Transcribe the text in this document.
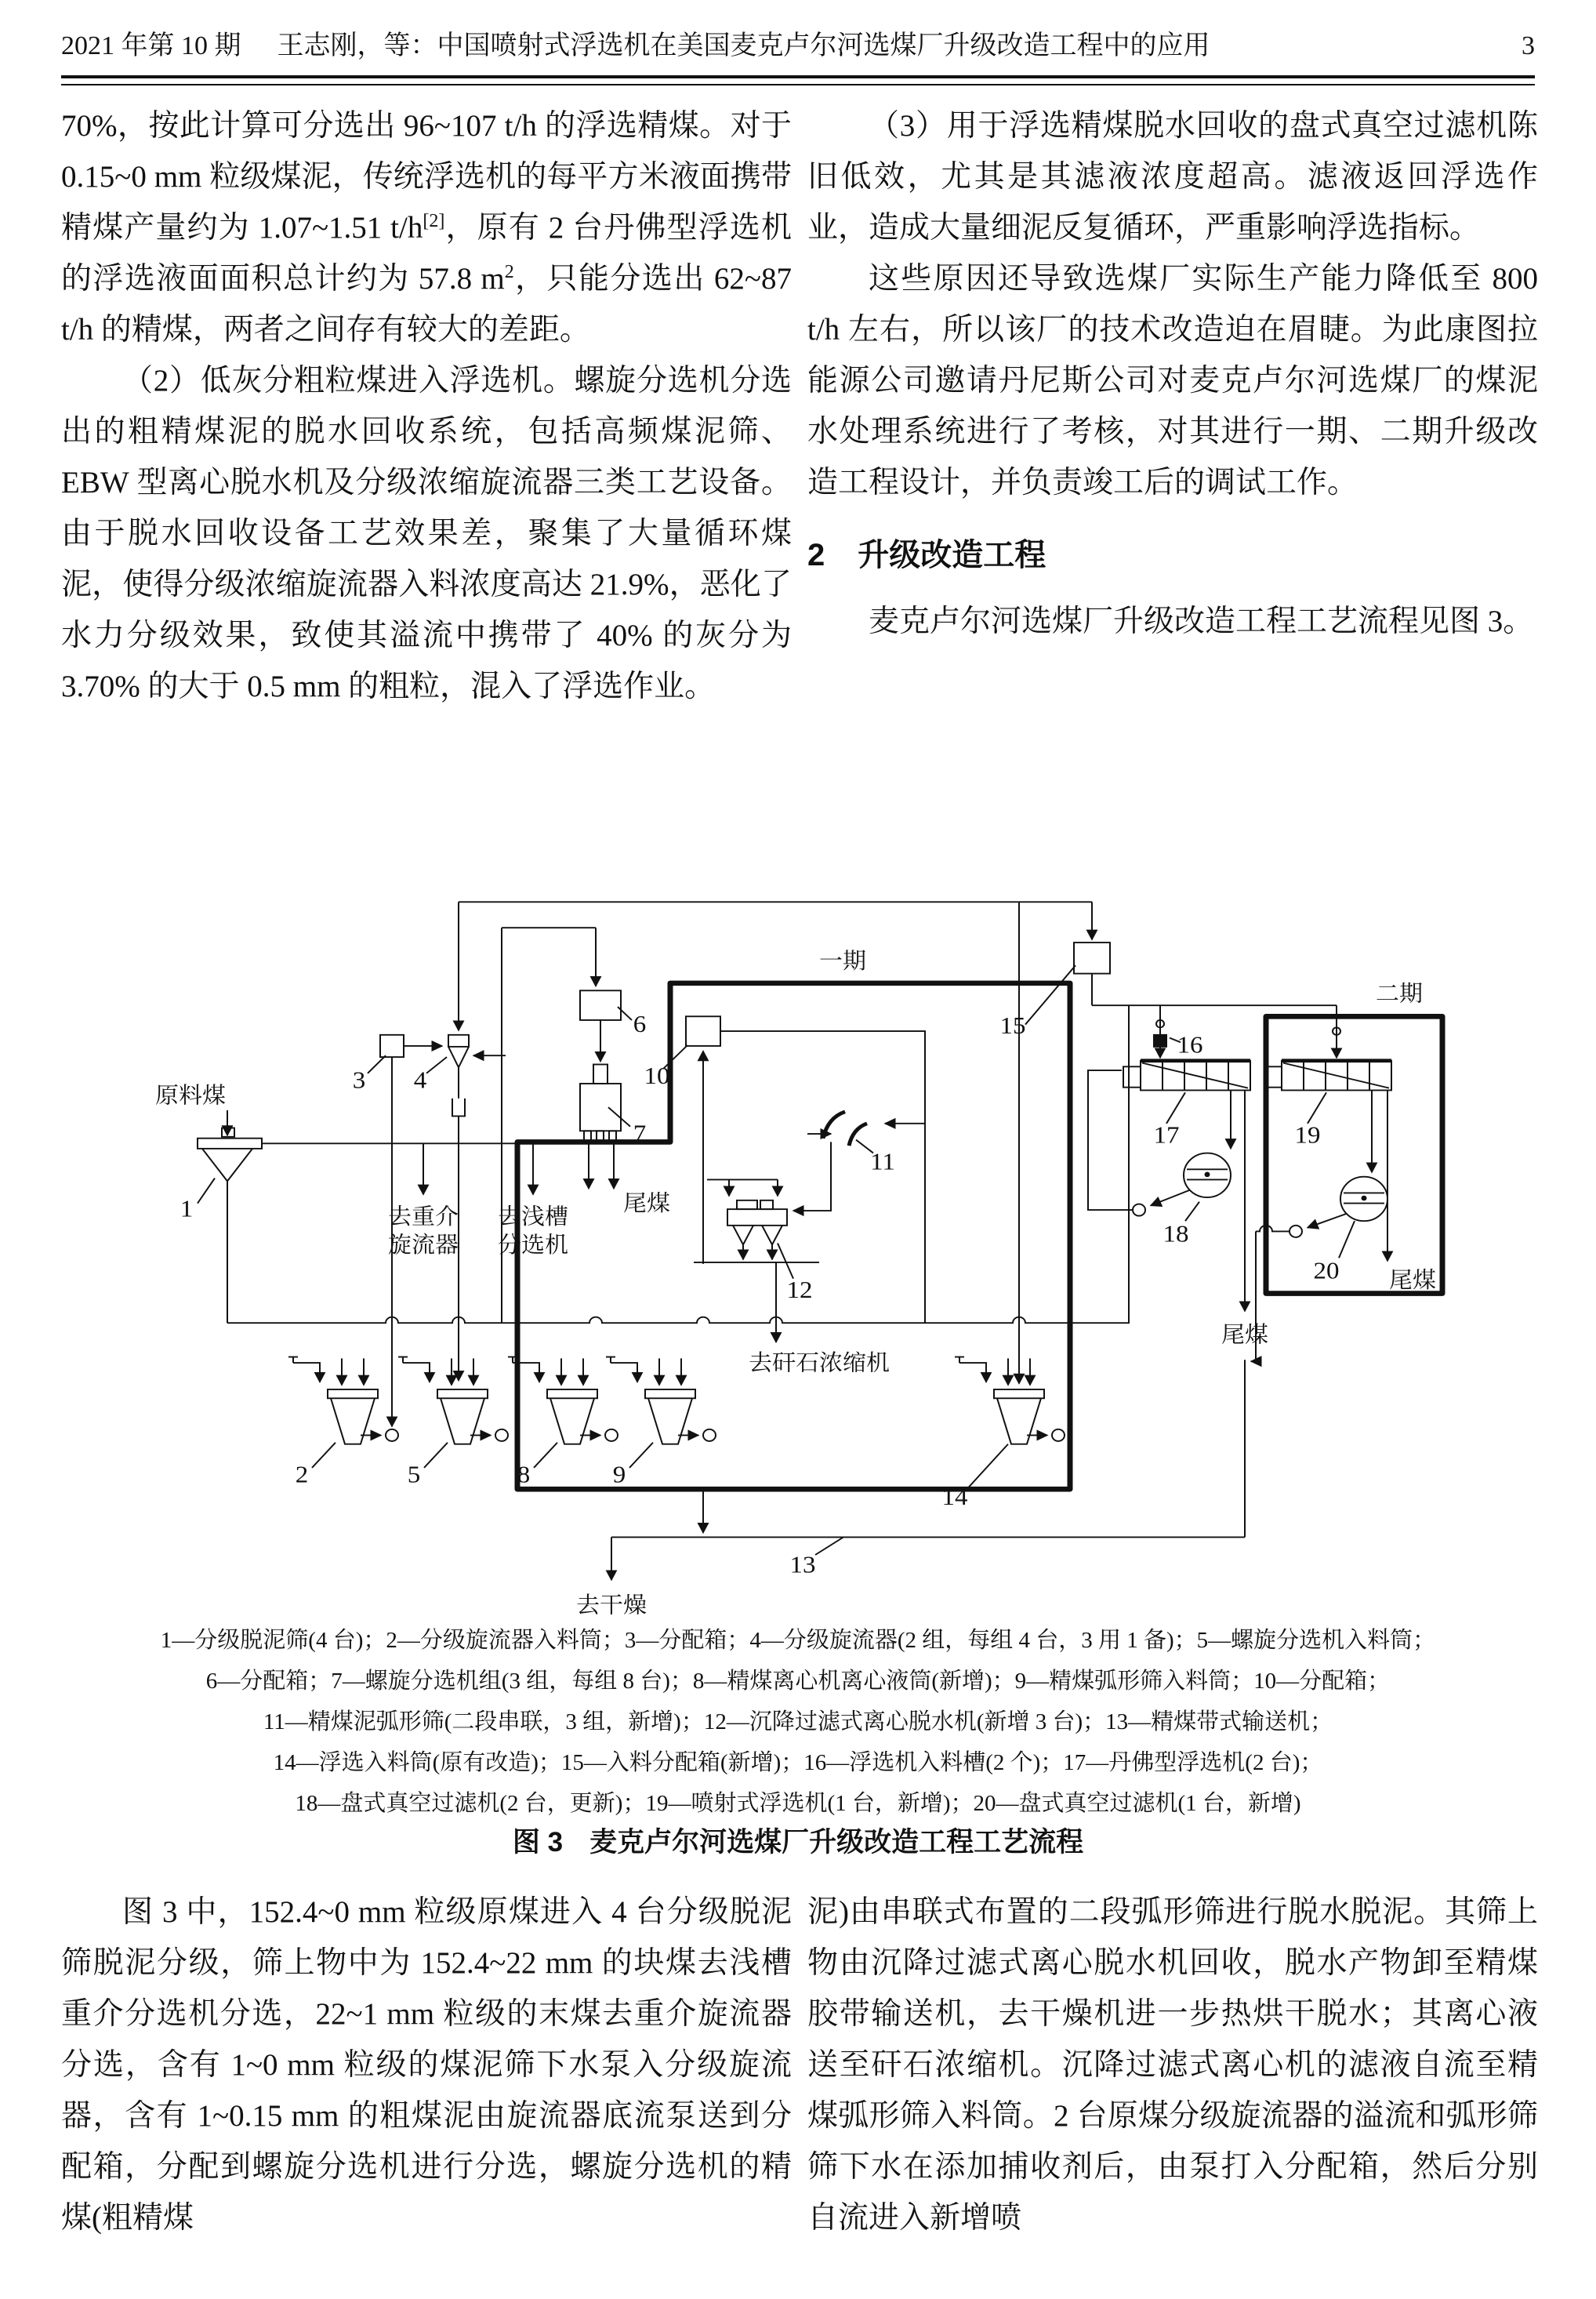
2021 年第 10 期 王志刚，等：中国喷射式浮选机在美国麦克卢尔河选煤厂升级改造工程中的应用	3

70%，按此计算可分选出 96~107 t/h 的浮选精煤。对于 0.15~0 mm 粒级煤泥，传统浮选机的每平方米液面携带精煤产量约为 1.07~1.51 t/h[2]，原有 2 台丹佛型浮选机的浮选液面面积总计约为 57.8 $m^2$，只能分选出 62~87 t/h 的精煤，两者之间存有较大的差距。

（2）低灰分粗粒煤进入浮选机。螺旋分选机分选出的粗精煤泥的脱水回收系统，包括高频煤泥筛、EBW 型离心脱水机及分级浓缩旋流器三类工艺设备。由于脱水回收设备工艺效果差，聚集了大量循环煤泥，使得分级浓缩旋流器入料浓度高达 21.9%，恶化了水力分级效果，致使其溢流中携带了 40% 的灰分为 3.70% 的大于 0.5 mm 的粗粒，混入了浮选作业。

（3）用于浮选精煤脱水回收的盘式真空过滤机陈旧低效，尤其是其滤液浓度超高。滤液返回浮选作业，造成大量细泥反复循环，严重影响浮选指标。

这些原因还导致选煤厂实际生产能力降低至 800 t/h 左右，所以该厂的技术改造迫在眉睫。为此康图拉能源公司邀请丹尼斯公司对麦克卢尔河选煤厂的煤泥水处理系统进行了考核，对其进行一期、二期升级改造工程设计，并负责竣工后的调试工作。

2 升级改造工程

麦克卢尔河选煤厂升级改造工程工艺流程见图 3。

原料煤
去重介
旋流器
去浅槽
分选机
尾煤
去矸石浓缩机
去干燥
一期
二期
尾煤
尾煤
1
2
3 4
5
6
7
8	9
10
11
12
13
14
15
16
17
18
19
20
1—分级脱泥筛(4 台)；2—分级旋流器入料筒；3—分配箱；4—分级旋流器(2 组，每组 4 台，3 用 1 备)；5—螺旋分选机入料筒；
6—分配箱；7—螺旋分选机组(3 组，每组 8 台)；8—精煤离心机离心液筒(新增)；9—精煤弧形筛入料筒；10—分配箱；
11—精煤泥弧形筛(二段串联，3 组，新增)；12—沉降过滤式离心脱水机(新增 3 台)；13—精煤带式输送机；
14—浮选入料筒(原有改造)；15—入料分配箱(新增)；16—浮选机入料槽(2 个)；17—丹佛型浮选机(2 台)；
18—盘式真空过滤机(2 台，更新)；19—喷射式浮选机(1 台，新增)；20—盘式真空过滤机(1 台，新增)
图 3 麦克卢尔河选煤厂升级改造工程工艺流程

图 3 中，152.4~0 mm 粒级原煤进入 4 台分级脱泥筛脱泥分级，筛上物中为 152.4~22 mm 的块煤去浅槽重介分选机分选，22~1 mm 粒级的末煤去重介旋流器分选，含有 1~0 mm 粒级的煤泥筛下水泵入分级旋流器，含有 1~0.15 mm 的粗煤泥由旋流器底流泵送到分配箱，分配到螺旋分选机进行分选，螺旋分选机的精煤(粗精煤

泥)由串联式布置的二段弧形筛进行脱水脱泥。其筛上物由沉降过滤式离心脱水机回收，脱水产物卸至精煤胶带输送机，去干燥机进一步热烘干脱水；其离心液送至矸石浓缩机。沉降过滤式离心机的滤液自流至精煤弧形筛入料筒。2 台原煤分级旋流器的溢流和弧形筛筛下水在添加捕收剂后，由泵打入分配箱，然后分别自流进入新增喷
